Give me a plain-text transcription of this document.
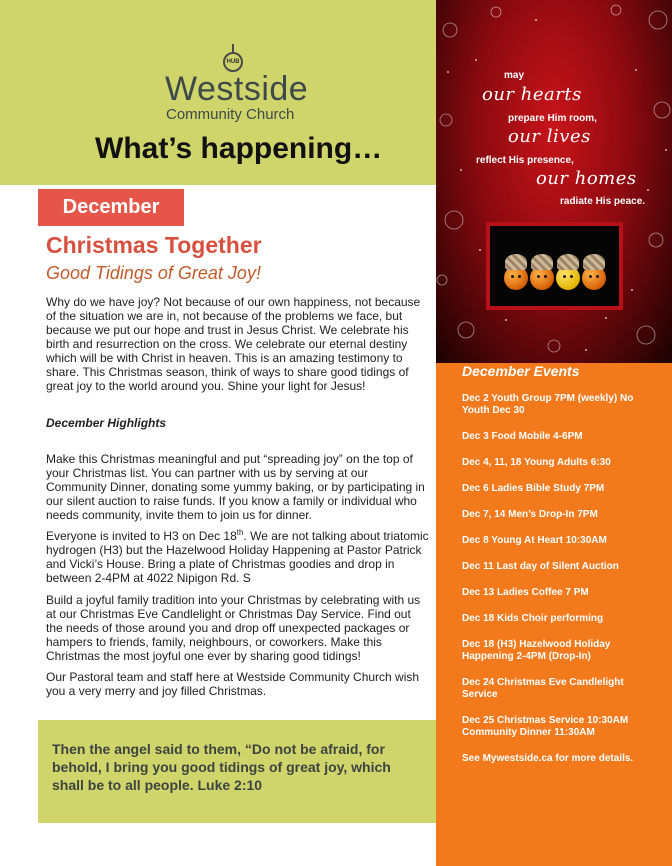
HUB
Westside
Community Church
What’s happening…
December
Christmas Together
Good Tidings of Great Joy!
Why do we have joy? Not because of our own happiness, not because of the situation we are in, not because of the problems we face, but because we put our hope and trust in Jesus Christ. We celebrate his birth and resurrection on the cross. We celebrate our eternal destiny which will be with Christ in heaven. This is an amazing testimony to share. This Christmas season, think of ways to share good tidings of great joy to the world around you. Shine your light for Jesus!
December Highlights
Make this Christmas meaningful and put “spreading joy” on the top of your Christmas list. You can partner with us by serving at our Community Dinner, donating some yummy baking, or by participating in our silent auction to raise funds. If you know a family or individual who needs community, invite them to join us for dinner.
Everyone is invited to H3 on Dec 18th. We are not talking about triatomic hydrogen (H3) but the Hazelwood Holiday Happening at Pastor Patrick and Vicki’s House. Bring a plate of Christmas goodies and drop in between 2-4PM at 4022 Nipigon Rd. S
Build a joyful family tradition into your Christmas by celebrating with us at our Christmas Eve Candlelight or Christmas Day Service. Find out the needs of those around you and drop off unexpected packages or hampers to friends, family, neighbours, or coworkers. Make this Christmas the most joyful one ever by sharing good tidings!
Our Pastoral team and staff here at Westside Community Church wish you a very merry and joy filled Christmas.
Then the angel said to them, “Do not be afraid, for behold, I bring you good tidings of great joy, which shall be to all people. Luke 2:10
may
our hearts
prepare Him room,
our lives
reflect His presence,
our homes
radiate His peace.
December Events
Dec 2 Youth Group 7PM (weekly) No Youth Dec 30
Dec 3 Food Mobile 4-6PM
Dec 4, 11, 18 Young Adults 6:30
Dec 6 Ladies Bible Study 7PM
Dec 7, 14 Men’s Drop-In 7PM
Dec 8 Young At Heart 10:30AM
Dec 11 Last day of Silent Auction
Dec 13 Ladies Coffee 7 PM
Dec 18 Kids Choir performing
Dec 18 (H3) Hazelwood Holiday Happening 2-4PM (Drop-In)
Dec 24 Christmas Eve Candlelight Service
Dec 25 Christmas Service 10:30AM Community Dinner 11:30AM
See Mywestside.ca for more details.
